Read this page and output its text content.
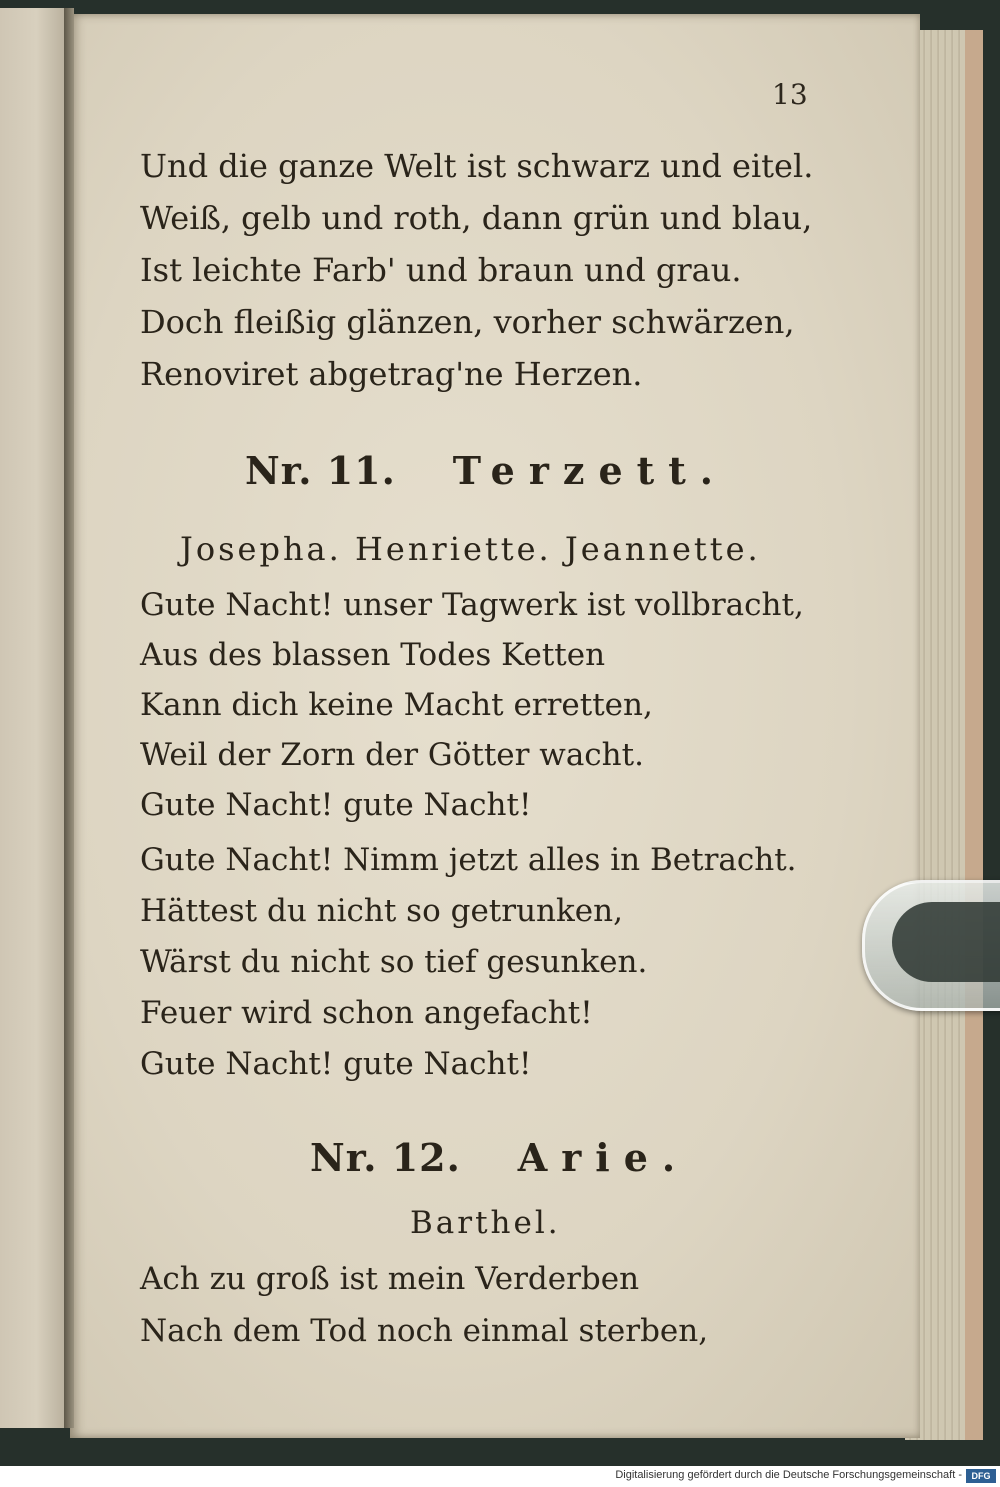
13
Und die ganze Welt ist schwarz und eitel.
Weiß, gelb und roth, dann grün und blau,
Ist leichte Farb' und braun und grau.
Doch fleißig glänzen, vorher schwärzen,
Renoviret abgetrag'ne Herzen.
Nr. 11. Terzett.
Josepha. Henriette. Jeannette.
Gute Nacht! unser Tagwerk ist vollbracht,
Aus des blassen Todes Ketten
Kann dich keine Macht erretten,
Weil der Zorn der Götter wacht.
Gute Nacht! gute Nacht!
Gute Nacht! Nimm jetzt alles in Betracht.
Hättest du nicht so getrunken,
Wärst du nicht so tief gesunken.
Feuer wird schon angefacht!
Gute Nacht! gute Nacht!
Nr. 12. Arie.
Barthel.
Ach zu groß ist mein Verderben
Nach dem Tod noch einmal sterben,
Digitalisierung gefördert durch die Deutsche Forschungsgemeinschaft -	DFG
